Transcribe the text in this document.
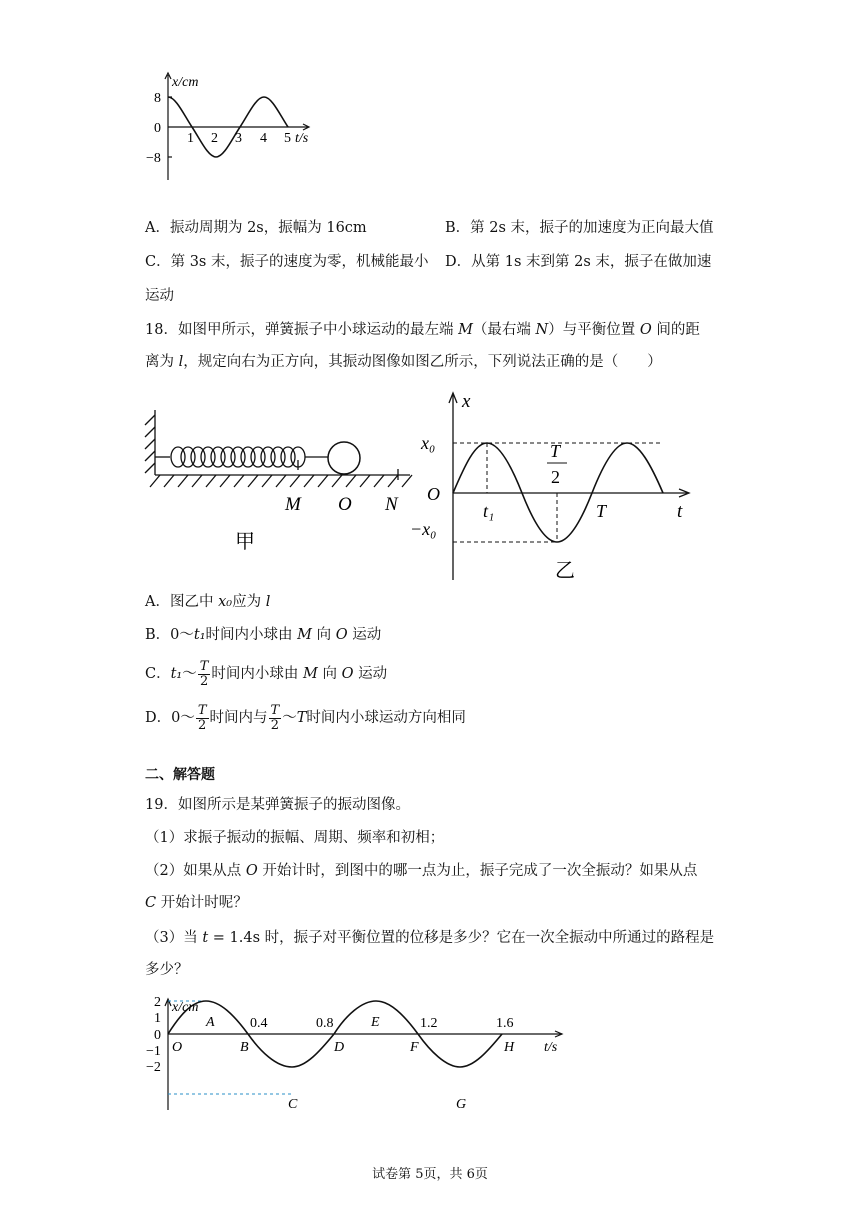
x/cm
8
0
−8
1 2 3 4 5 t/s
A．振动周期为 2s，振幅为 16cm	B．第 2s 末，振子的加速度为正向最大值
C．第 3s 末，振子的速度为零，机械能最小 D．从第 1s 末到第 2s 末，振子在做加速
运动
18．如图甲所示，弹簧振子中小球运动的最左端 M（最右端 N）与平衡位置 O 间的距
离为 l，规定向右为正方向，其振动图像如图乙所示，下列说法正确的是（　　）
M O N
甲
x
x₀
O
−x₀
t₁
T
2
T	t
乙
A．图乙中 x₀应为 l
B．0～t₁时间内小球由 M 向 O 运动
C．t₁～ $\frac{T}{2}$ 时间内小球由 M 向 O 运动
D．0～ $\frac{T}{2}$ 时间内与 $\frac{T}{2}$ ～T时间内小球运动方向相同
二、解答题
19．如图所示是某弹簧振子的振动图像。
（1）求振子振动的振幅、周期、频率和初相；
（2）如果从点 O 开始计时，到图中的哪一点为止，振子完成了一次全振动？如果从点
C 开始计时呢？
（3）当 t = 1.4s 时，振子对平衡位置的位移是多少？它在一次全振动中所通过的路程是
多少？
x/cm
2
1
0
−1
−2
0.4	0.8	1.2	1.6
O
A
B
C
D
E
F
G
H t/s
试卷第 5页，共 6页
